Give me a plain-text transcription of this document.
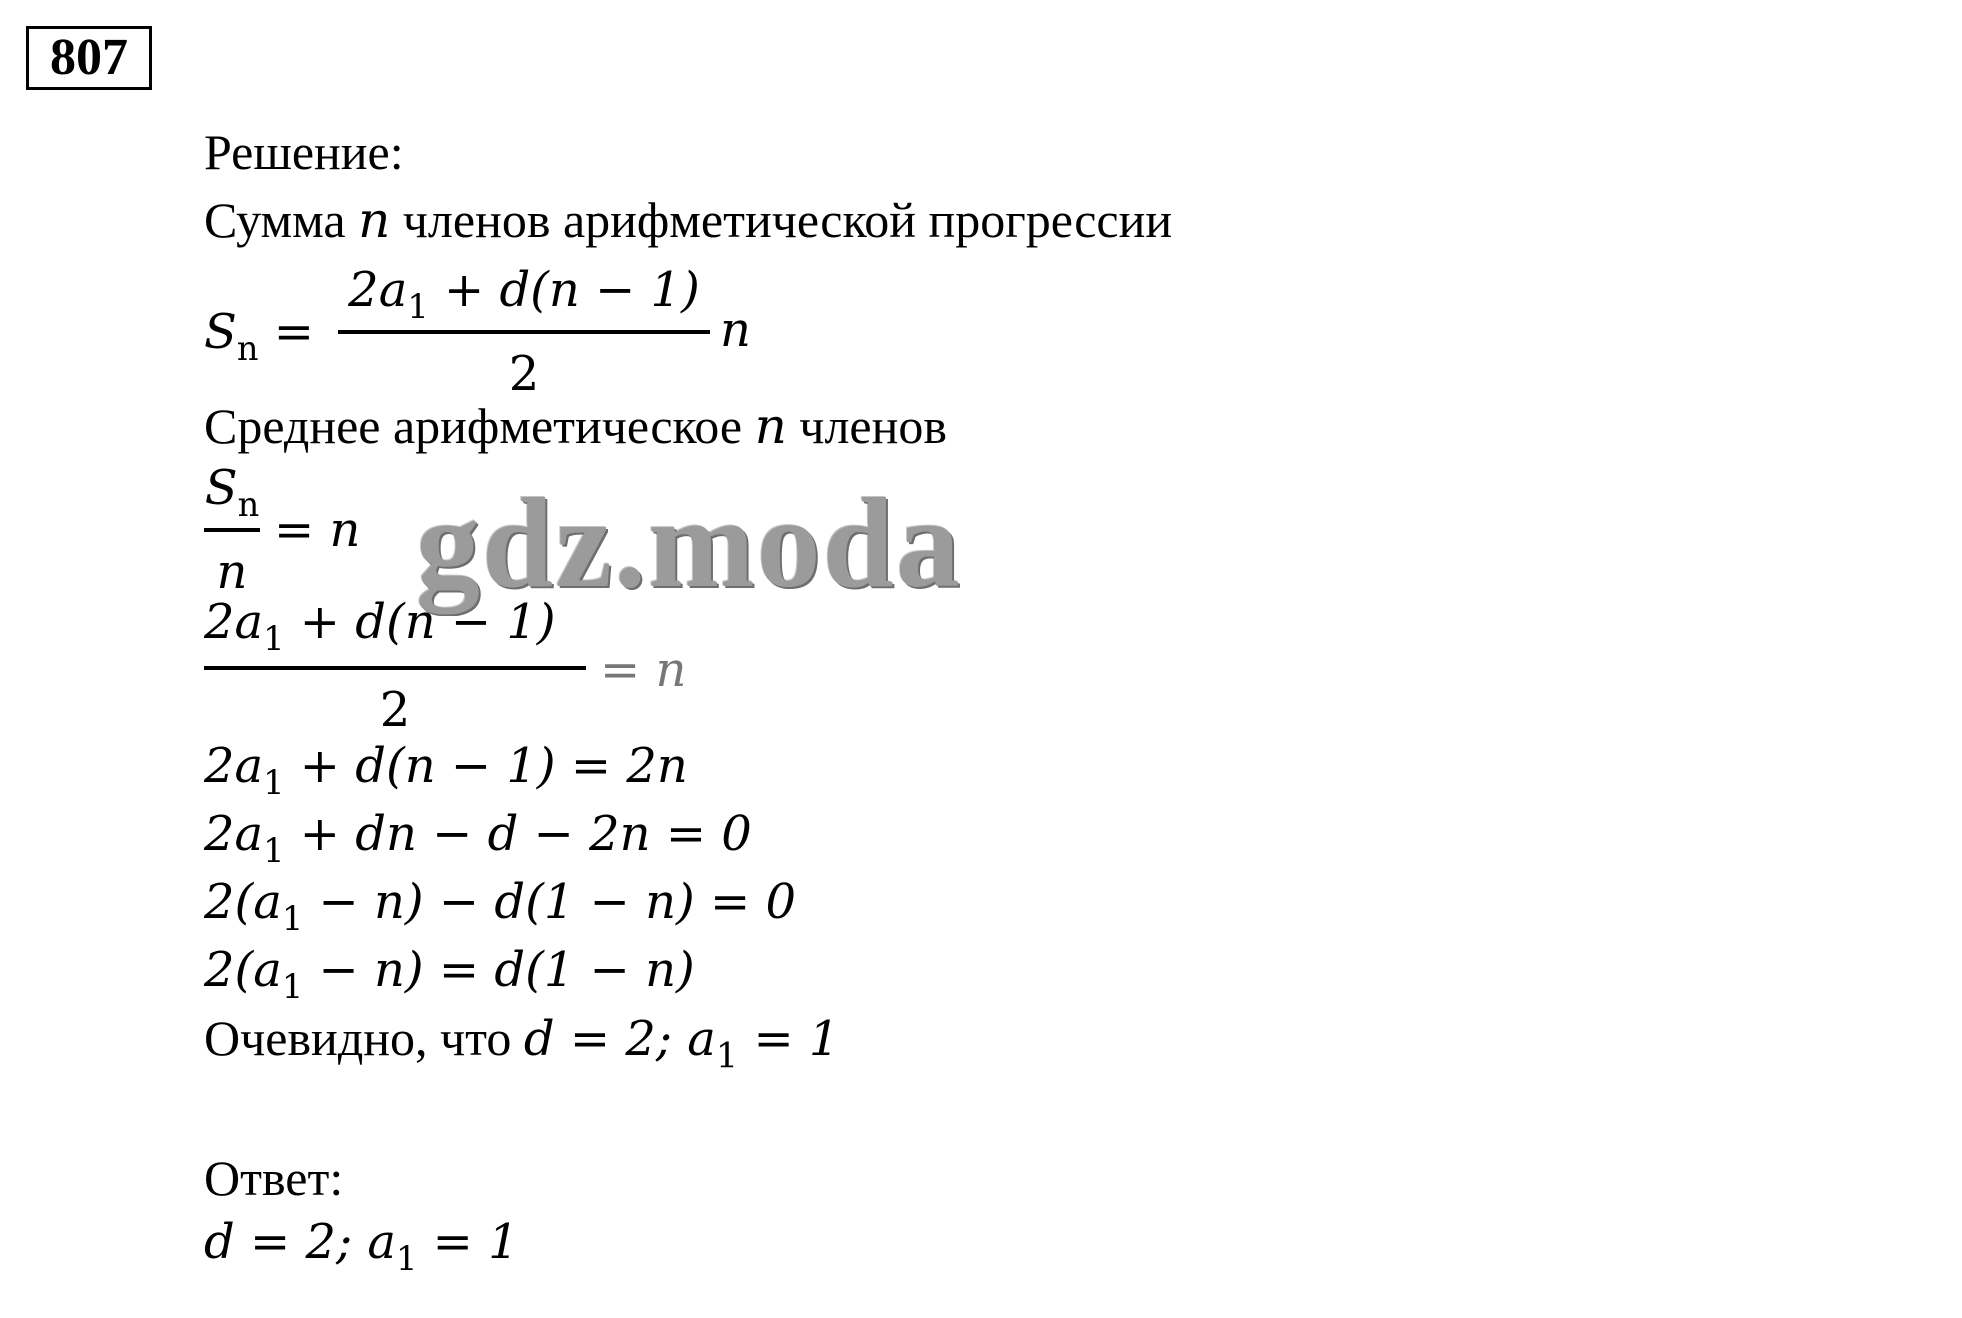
807
Решение:
Сумма n членов арифметической прогрессии
$S_n$ =
$2a_1 + d(n - 1)$
2
n
Среднее арифметическое n членов
$S_n$
n
= n
$2a_1 + d(n - 1)$
2
= n
$2a_1 + d(n - 1) = 2n$
$2a_1$ + dn − d − 2n = 0
$2(a_1 - n) - d(1 - n) = 0$
$2(a_1 - n) = d(1 - n)$
Очевидно, что d = 2; $a_1 = 1$
Ответ:
d = 2; $a_1 = 1$
gdz.moda
